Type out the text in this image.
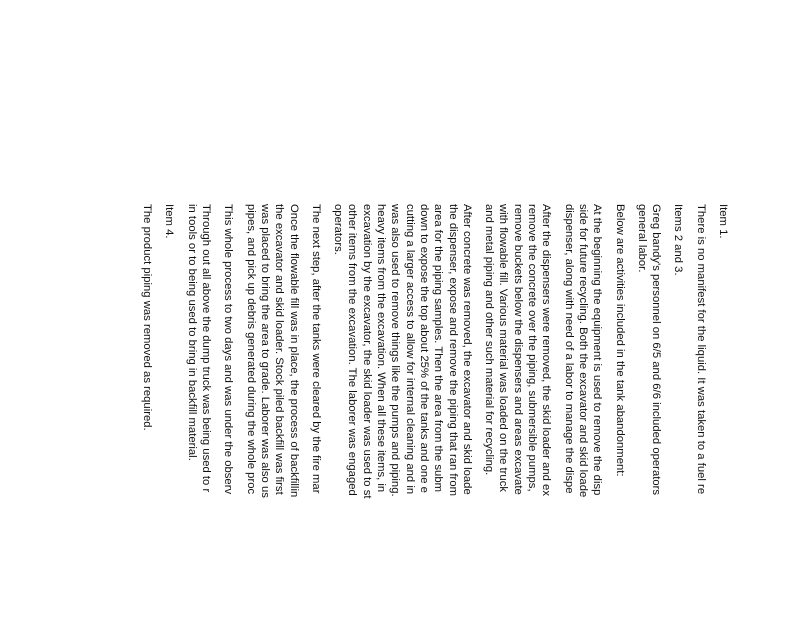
Item 1.
There is no manifest for the liquid. It was taken to a fuel re
Items 2 and 3.
Greg bandy's personnel on 6/5 and 6/6 included operators
general labor.
Below are activities included in the tank abandonment:
At the beginning the equipment is used to remove the disp
side for future recycling. Both the excavator and skid loade
dispenser, along with need of a labor to manage the dispe
After the dispensers were removed, the skid loader and ex
remove the concrete over the piping, submersible pumps,
remove buckets below the dispensers and areas excavate
with flowable fill. Various material was loaded on the truck
and metal piping and other such material for recycling.
After concrete was removed, the excavator and skid loade
the dispenser, expose and remove the piping that ran from
area for the piping samples. Then the area from the subm
down to expose the top about 25% of the tanks and one e
cutting a larger access to allow for internal cleaning and in
was also used to remove things like the pumps and piping.
heavy items from the excavation. When all these items, in
excavation by the excavator, the skid loader was used to st
other items from the excavation. The laborer was engaged
operators.
The next step, after the tanks were cleared by the fire mar
Once the flowable fill was in place, the process of backfillin
the excavator and skid loader. Stock piled backfill was first
was placed to bring the area to grade. Laborer was also us
pipes, and pick up debris generated during the whole proc
This whole process to two days and was under the observ
Through out all above the dump truck was being used to r
in tools or to being used to bring in backfill material.
Item 4.
The product piping was removed as required.
